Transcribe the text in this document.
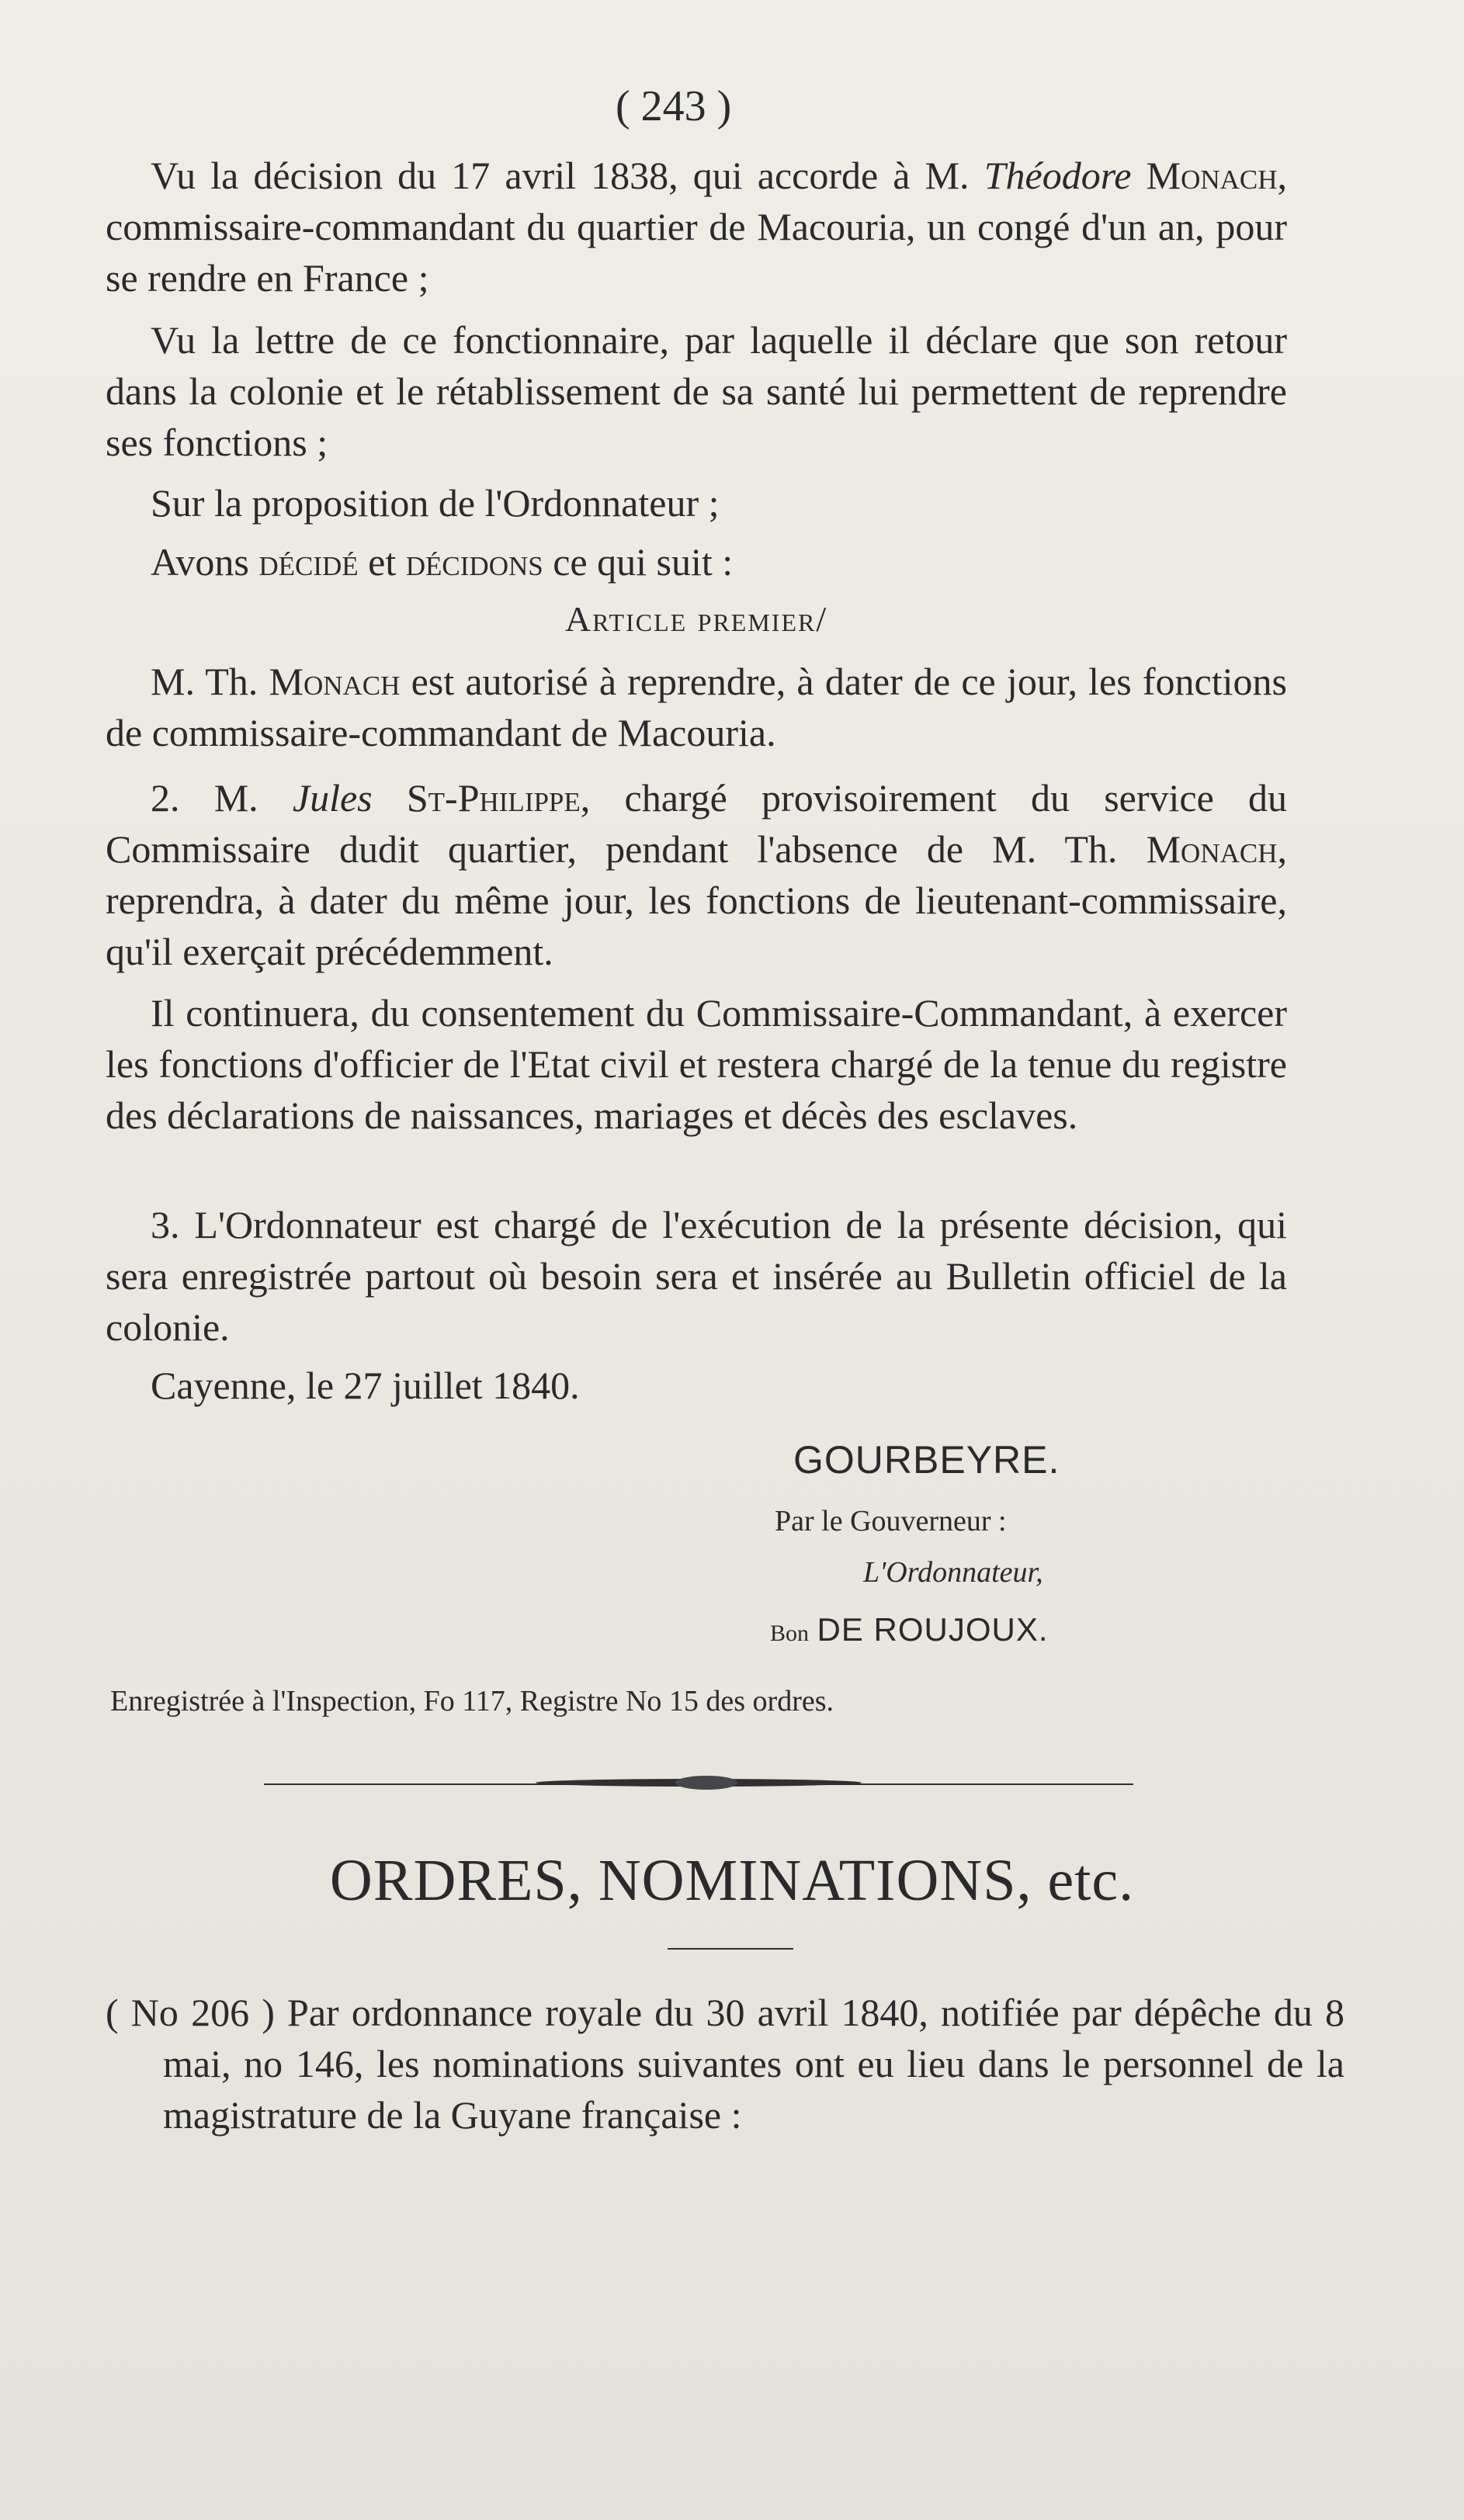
( 243 )

Vu la décision du 17 avril 1838, qui accorde à M. Théodore Monach, commissaire-commandant du quartier de Macouria, un congé d'un an, pour se rendre en France ;

Vu la lettre de ce fonctionnaire, par laquelle il déclare que son retour dans la colonie et le rétablissement de sa santé lui permettent de reprendre ses fonctions ;

Sur la proposition de l'Ordonnateur ;

Avons décidé et décidons ce qui suit :

Article premier/

M. Th. Monach est autorisé à reprendre, à dater de ce jour, les fonctions de commissaire-commandant de Macouria.

2. M. Jules St-Philippe, chargé provisoirement du service du Commissaire dudit quartier, pendant l'absence de M. Th. Monach, reprendra, à dater du même jour, les fonctions de lieutenant-commissaire, qu'il exerçait précédemment.

Il continuera, du consentement du Commissaire-Commandant, à exercer les fonctions d'officier de l'Etat civil et restera chargé de la tenue du registre des déclarations de naissances, mariages et décès des esclaves.

3. L'Ordonnateur est chargé de l'exécution de la présente décision, qui sera enregistrée partout où besoin sera et insérée au Bulletin officiel de la colonie.

Cayenne, le 27 juillet 1840.

GOURBEYRE.
Par le Gouverneur :
L'Ordonnateur,
Bon DE ROUJOUX.
Enregistrée à l'Inspection, Fo 117, Registre No 15 des ordres.
ORDRES, NOMINATIONS, etc.
( No 206 ) Par ordonnance royale du 30 avril 1840, notifiée par dépêche du 8 mai, no 146, les nominations suivantes ont eu lieu dans le personnel de la magistrature de la Guyane française :
